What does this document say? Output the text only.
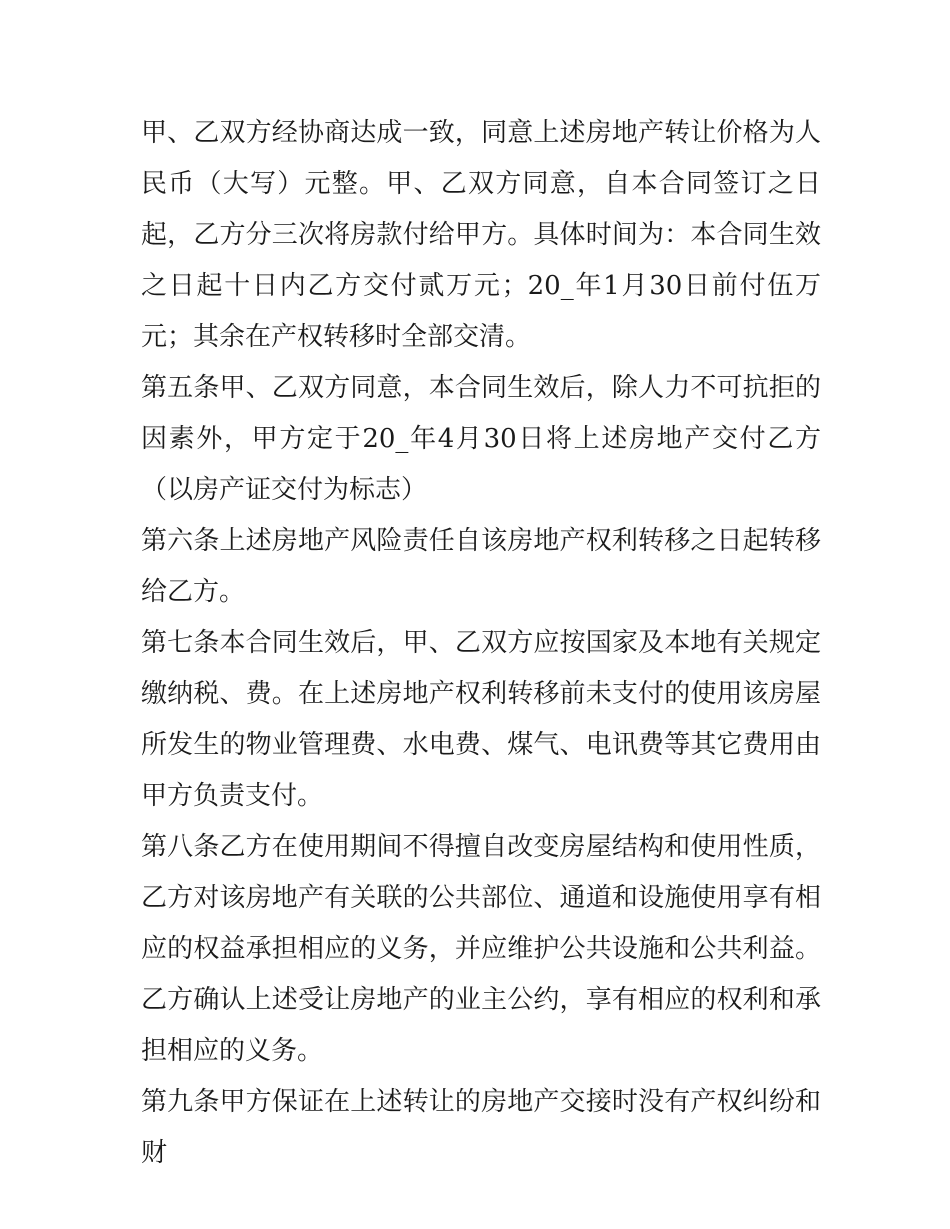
甲、乙双方经协商达成一致，同意上述房地产转让价格为人民币（大写）元整。甲、乙双方同意，自本合同签订之日起，乙方分三次将房款付给甲方。具体时间为：本合同生效之日起十日内乙方交付贰万元；20_年1月30日前付伍万元；其余在产权转移时全部交清。

第五条甲、乙双方同意，本合同生效后，除人力不可抗拒的因素外，甲方定于20_年4月30日将上述房地产交付乙方（以房产证交付为标志）

第六条上述房地产风险责任自该房地产权利转移之日起转移给乙方。

第七条本合同生效后，甲、乙双方应按国家及本地有关规定缴纳税、费。在上述房地产权利转移前未支付的使用该房屋所发生的物业管理费、水电费、煤气、电讯费等其它费用由甲方负责支付。

第八条乙方在使用期间不得擅自改变房屋结构和使用性质，乙方对该房地产有关联的公共部位、通道和设施使用享有相应的权益承担相应的义务，并应维护公共设施和公共利益。乙方确认上述受让房地产的业主公约，享有相应的权利和承担相应的义务。

第九条甲方保证在上述转让的房地产交接时没有产权纠纷和财
